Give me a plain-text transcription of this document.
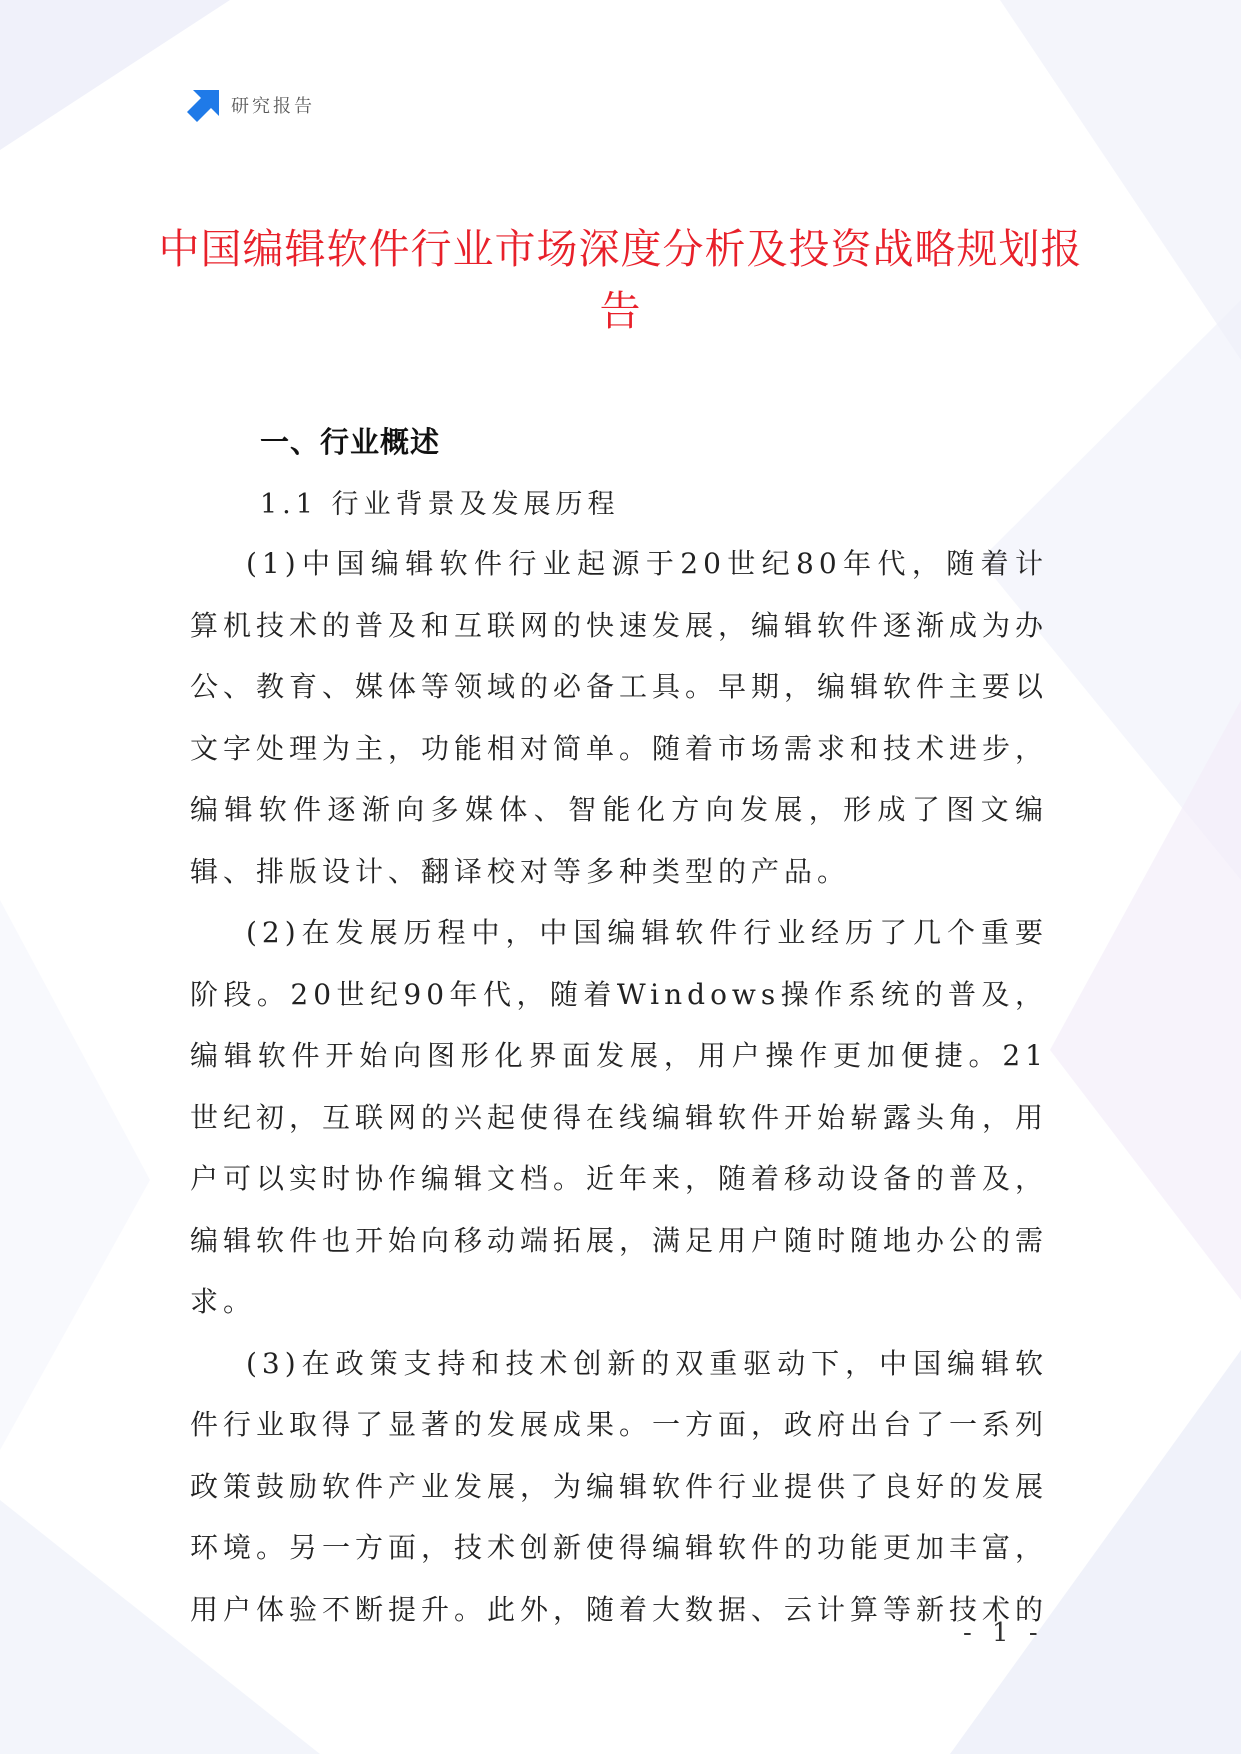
研究报告
中国编辑软件行业市场深度分析及投资战略规划报告
一、行业概述
1.1 行业背景及发展历程

(1)中国编辑软件行业起源于20世纪80年代，随着计算机技术的普及和互联网的快速发展，编辑软件逐渐成为办公、教育、媒体等领域的必备工具。早期，编辑软件主要以文字处理为主，功能相对简单。随着市场需求和技术进步，编辑软件逐渐向多媒体、智能化方向发展，形成了图文编辑、排版设计、翻译校对等多种类型的产品。

(2)在发展历程中，中国编辑软件行业经历了几个重要阶段。20世纪90年代，随着Windows操作系统的普及，编辑软件开始向图形化界面发展，用户操作更加便捷。21世纪初，互联网的兴起使得在线编辑软件开始崭露头角，用户可以实时协作编辑文档。近年来，随着移动设备的普及，编辑软件也开始向移动端拓展，满足用户随时随地办公的需求。

(3)在政策支持和技术创新的双重驱动下，中国编辑软件行业取得了显著的发展成果。一方面，政府出台了一系列政策鼓励软件产业发展，为编辑软件行业提供了良好的发展环境。另一方面，技术创新使得编辑软件的功能更加丰富，用户体验不断提升。此外，随着大数据、云计算等新技术的

- 1 -
